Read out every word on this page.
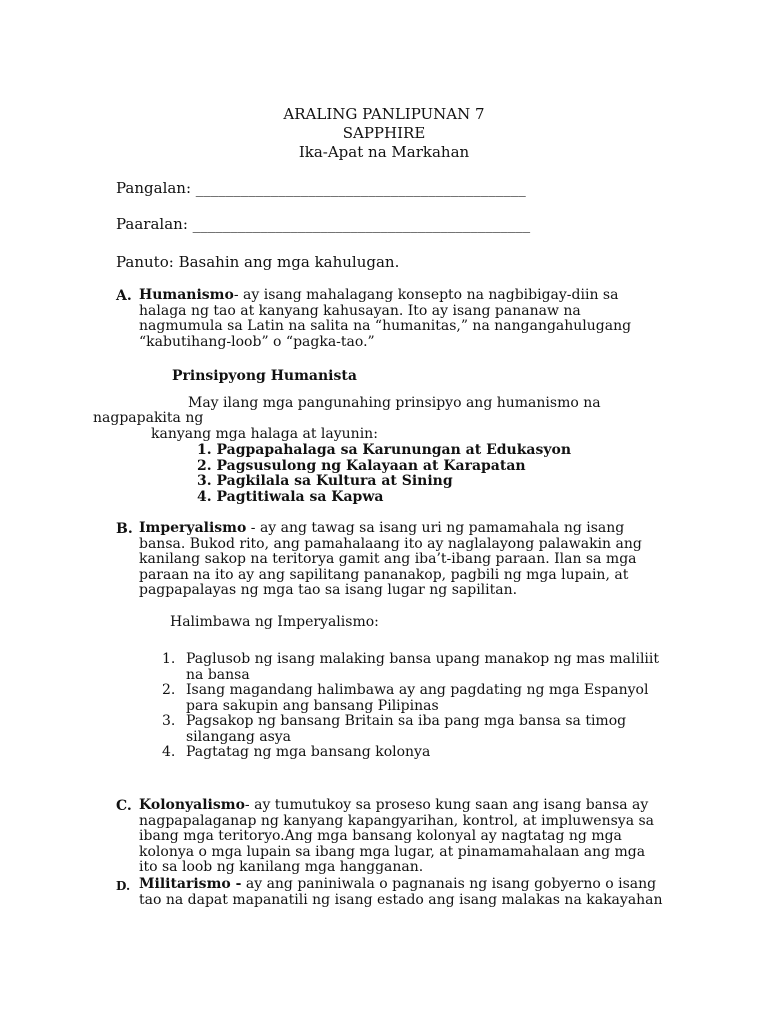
ARALING PANLIPUNAN 7
SAPPHIRE
Ika-Apat na Markahan
Pangalan: ____________________________________________
Paaralan: _____________________________________________
Panuto: Basahin ang mga kahulugan.
A. Humanismo- ay isang mahalagang konsepto na nagbibigay-diin sa
halaga ng tao at kanyang kahusayan. Ito ay isang pananaw na
nagmumula sa Latin na salita na “humanitas,” na nangangahulugang
“kabutihang-loob” o “pagka-tao.”
Prinsipyong Humanista
May ilang mga pangunahing prinsipyo ang humanismo na
nagpapakita ng
kanyang mga halaga at layunin:
1. Pagpapahalaga sa Karunungan at Edukasyon
2. Pagsusulong ng Kalayaan at Karapatan
3. Pagkilala sa Kultura at Sining
4. Pagtitiwala sa Kapwa
B. Imperyalismo - ay ang tawag sa isang uri ng pamamahala ng isang
bansa. Bukod rito, ang pamahalaang ito ay naglalayong palawakin ang
kanilang sakop na teritorya gamit ang iba’t-ibang paraan. Ilan sa mga
paraan na ito ay ang sapilitang pananakop, pagbili ng mga lupain, at
pagpapalayas ng mga tao sa isang lugar ng sapilitan.
Halimbawa ng Imperyalismo:
1. Paglusob ng isang malaking bansa upang manakop ng mas maliliit
na bansa
2. Isang magandang halimbawa ay ang pagdating ng mga Espanyol
para sakupin ang bansang Pilipinas
3. Pagsakop ng bansang Britain sa iba pang mga bansa sa timog
silangang asya
4. Pagtatag ng mga bansang kolonya
C. Kolonyalismo- ay tumutukoy sa proseso kung saan ang isang bansa ay
nagpapalaganap ng kanyang kapangyarihan, kontrol, at impluwensya sa
ibang mga teritoryo.Ang mga bansang kolonyal ay nagtatag ng mga
kolonya o mga lupain sa ibang mga lugar, at pinamamahalaan ang mga
ito sa loob ng kanilang mga hangganan.
D. Militarismo - ay ang paniniwala o pagnanais ng isang gobyerno o isang
tao na dapat mapanatili ng isang estado ang isang malakas na kakayahan
